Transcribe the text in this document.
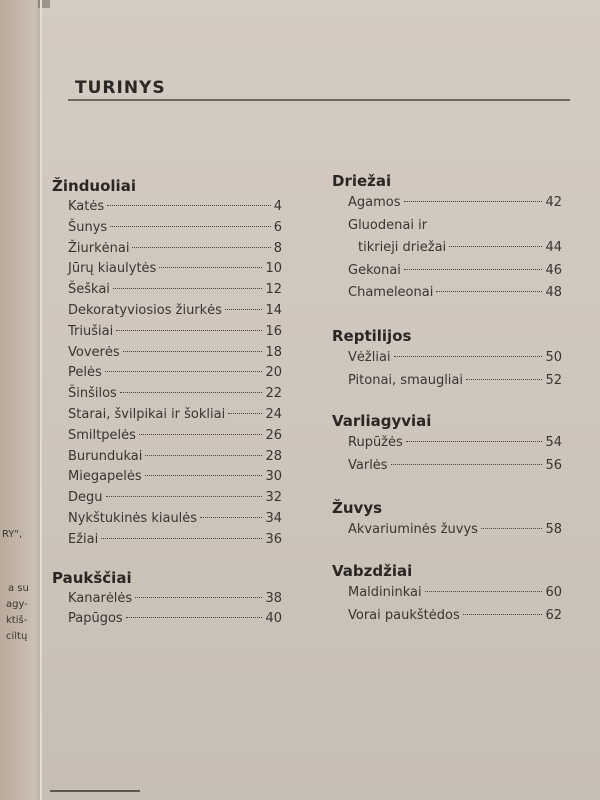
RY",
a su
agy-
ktiš-
ciltų
TURINYS
Žinduoliai
Katės	4
Šunys	6
Žiurkėnai	8
Jūrų kiaulytės	10
Šeškai	12
Dekoratyviosios žiurkės	14
Triušiai	16
Voverės	18
Pelės	20
Šinšilos	22
Starai, švilpikai ir šokliai	24
Smiltpelės	26
Burundukai	28
Miegapelės	30
Degu	32
Nykštukinės kiaulės	34
Ežiai	36
Paukščiai
Kanarėlės	38
Papūgos	40
Driežai
Agamos	42
Gluodenai ir
tikrieji driežai	44
Gekonai	46
Chameleonai	48
Reptilijos
Vėžliai	50
Pitonai, smaugliai	52
Varliagyviai
Rupūžės	54
Varlės	56
Žuvys
Akvariuminės žuvys	58
Vabzdžiai
Maldininkai	60
Vorai paukštėdos	62
